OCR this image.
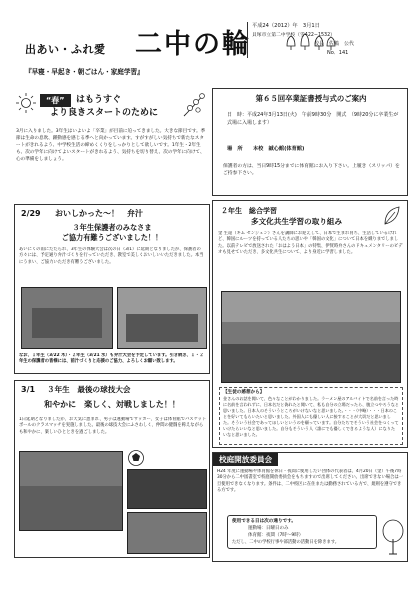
出あい・ふれ愛 二中の輪
『早寝・早起き・朝ごはん・家庭学習』
平成24（2012）年　3月1日
貝塚市立第二中学校（雪422−1532）
校長　佐嶋　公代
No．141
“春”	はもうすぐ
より良きスタートのために
3月に入りました。3年生はいよいよ「卒業」が目前に迫ってきました。大きな節目です。季節は生命の息吹、躍動感を感じる季へと向かっています。すがすがしい気持ちで新たなスタートがきれるよう、中学校生活の締めくくりをしっかりとして欲しいです。1年生・2年生も、次の学年に向けてよいスタートがきれるよう、気持ちを切り替え、次の学年に向けて、心の準備をしましょう。
第６５回卒業証書授与式のご案内
日　時：平成24年3月13日(火)　午前9時30分　開式　（9時20分に卒業生が式場に入場します）
場　所　　本校　誠心館(体育館)
保護者の方は、当日9時15分までに体育館にお入り下さい。上履き（スリッパ）をご持参下さい。
2/29 おいしかった〜！　弁汁
３年生保護者のみなさま
ご協力有難うございました！！
あいにくの雨にたたられ、3年生の体験大会は次の日（3/1）に延期となりましたが、保護者の方々には、予定通り弁汁づくりを行っていただき、教室で美しくおいしいいただきました。本当にうまい、ご協力いただき有難うございました。
なお、１年生（3/22 木）・２年生（3/21 水）も弁汁大会を予定しています。引き続き、１・２年生の保護者の皆様には、前汁づくりと応援のご協力、よろしくお願い致します。
3/1 ３年生　最後の球技大会
和やかに　楽しく、対戦しました！！
1日延期となりましたが、お天気に恵まれ、男子は運動場でサッカー、女子は体育館でバスケットボールのクラスマッチを実施しました。最後の球技大会にふさわしく、仲間の健闘を称えながらも和やかに、楽しいひとときを過ごしました。
２年生　総合学習
多文化共生学習の取り組み
金 生還（キム センジュン）さんを講師にお迎えして、日本で生まれ育ち、生活しているけれど、韓国にルーツを持っている人たちの思いや「韓国の文化」について日本を織りまでしました。以前テレビで放送された「おはよう日本」の特集、伊賀時弁さんのドキュメンタリーのビデオも見せていただき、多文化共生について、より身近に学習しました。
【生徒の感想から】
金さんのお話を聞いて、色々なことがわかりました。ラーメン屋のアルバイトで名前を言った時に名前を言われずに、日本名だと偽れたと聞いて、私も自分の立場だったら、腹立つやろうなと思いました。日本人のそういうところがいけないなと思いました。・・・（中略）・・・日本のことを好いてもらいたいと思いました。外国人にも優しい人に接することが大切だと思いました。そういう社会であってほしいというのを願っています。自分たちでそういう社会をつくっていけたらいいなと思いました。自分もそういう人（誰にでも優しくできるような人）になりたいなと思いました。
校庭開放委員会
H24 年度に運動場や体育館を休日・夜間に使用したい団体の代表者は、4月20日（金）午後7時30分から二中図書室で校庭開放委員会をもちますので出席してください。出席できない場合は一旦使用できなくなります。条件は、二中校区に在住または勤務されている方で、規則を遵守できる方です。
使用できる日は次の通りです。
運動場：日曜日のみ
体育館：夜間（7時〜9時）
ただし、二中の学校行事や部活動の活動日を除きます。
